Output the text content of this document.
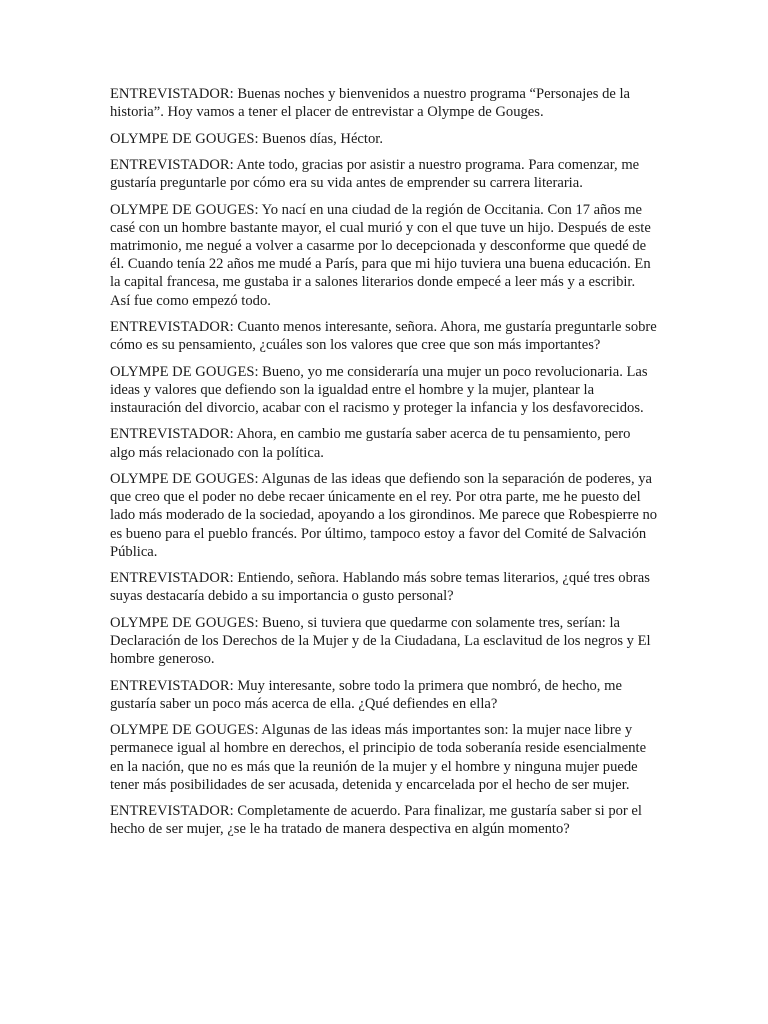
ENTREVISTADOR: Buenas noches y bienvenidos a nuestro programa “Personajes de la historia”. Hoy vamos a tener el placer de entrevistar a Olympe de Gouges.

OLYMPE DE GOUGES: Buenos días, Héctor.

ENTREVISTADOR: Ante todo, gracias por asistir a nuestro programa. Para comenzar, me gustaría preguntarle por cómo era su vida antes de emprender su carrera literaria.

OLYMPE DE GOUGES: Yo nací en una ciudad de la región de Occitania. Con 17 años me casé con un hombre bastante mayor, el cual murió y con el que tuve un hijo. Después de este matrimonio, me negué a volver a casarme por lo decepcionada y desconforme que quedé de él. Cuando tenía 22 años me mudé a París, para que mi hijo tuviera una buena educación. En la capital francesa, me gustaba ir a salones literarios donde empecé a leer más y a escribir. Así fue como empezó todo.

ENTREVISTADOR: Cuanto menos interesante, señora. Ahora, me gustaría preguntarle sobre cómo es su pensamiento, ¿cuáles son los valores que cree que son más importantes?

OLYMPE DE GOUGES: Bueno, yo me consideraría una mujer un poco revolucionaria. Las ideas y valores que defiendo son la igualdad entre el hombre y la mujer, plantear la instauración del divorcio, acabar con el racismo y proteger la infancia y los desfavorecidos.

ENTREVISTADOR: Ahora, en cambio me gustaría saber acerca de tu pensamiento, pero algo más relacionado con la política.

OLYMPE DE GOUGES: Algunas de las ideas que defiendo son la separación de poderes, ya que creo que el poder no debe recaer únicamente en el rey. Por otra parte, me he puesto del lado más moderado de la sociedad, apoyando a los girondinos. Me parece que Robespierre no es bueno para el pueblo francés. Por último, tampoco estoy a favor del Comité de Salvación Pública.

ENTREVISTADOR: Entiendo, señora. Hablando más sobre temas literarios, ¿qué tres obras suyas destacaría debido a su importancia o gusto personal?

OLYMPE DE GOUGES: Bueno, si tuviera que quedarme con solamente tres, serían: la Declaración de los Derechos de la Mujer y de la Ciudadana, La esclavitud de los negros y El hombre generoso.

ENTREVISTADOR: Muy interesante, sobre todo la primera que nombró, de hecho, me gustaría saber un poco más acerca de ella. ¿Qué defiendes en ella?

OLYMPE DE GOUGES: Algunas de las ideas más importantes son: la mujer nace libre y permanece igual al hombre en derechos, el principio de toda soberanía reside esencialmente en la nación, que no es más que la reunión de la mujer y el hombre y ninguna mujer puede tener más posibilidades de ser acusada, detenida y encarcelada por el hecho de ser mujer.

ENTREVISTADOR: Completamente de acuerdo. Para finalizar, me gustaría saber si por el hecho de ser mujer, ¿se le ha tratado de manera despectiva en algún momento?
